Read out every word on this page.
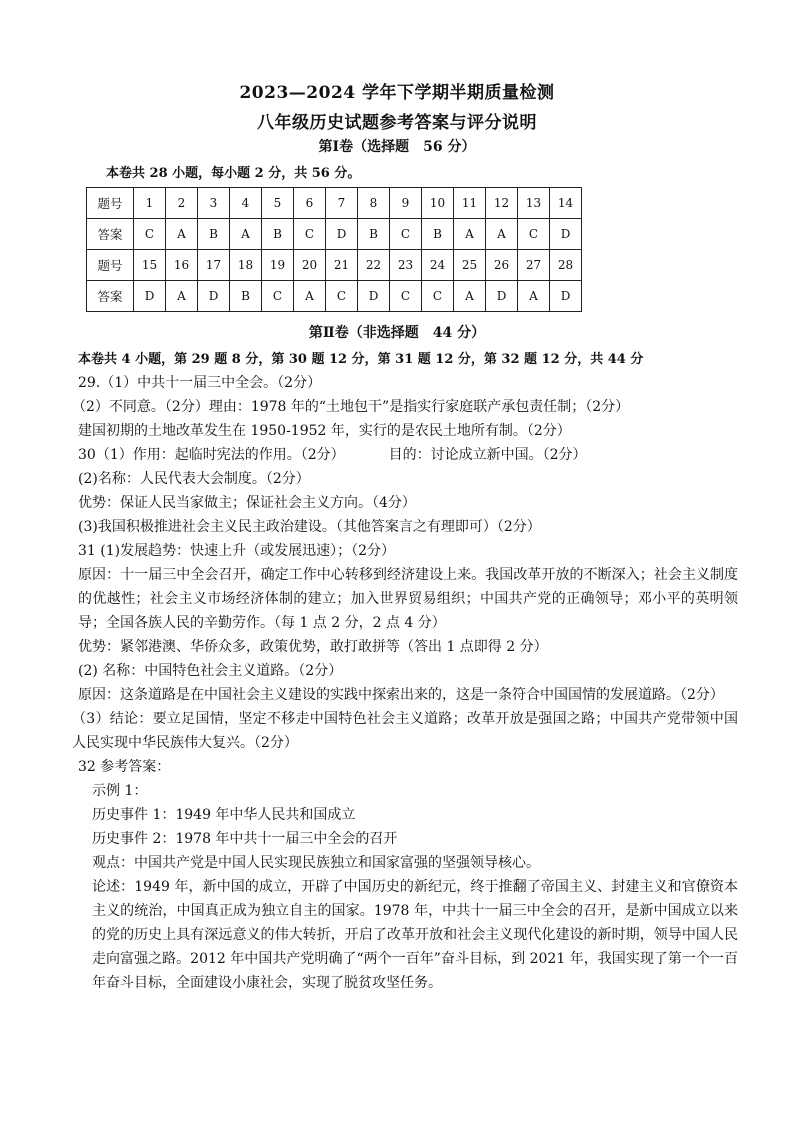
2023—2024 学年下学期半期质量检测
八年级历史试题参考答案与评分说明
第Ⅰ卷（选择题　56 分）
本卷共 28 小题，每小题 2 分，共 56 分。
题号	1	2	3	4	5	6	7	8	9	10	11	12	13	14
答案	C	A	B	A	B	C	D	B	C	B	A	A	C	D
题号	15	16	17	18	19	20	21	22	23	24	25	26	27	28
答案	D	A	D	B	C	A	C	D	C	C	A	D	A	D
第Ⅱ卷（非选择题　44 分）
本卷共 4 小题，第 29 题 8 分，第 30 题 12 分，第 31 题 12 分，第 32 题 12 分，共 44 分
29.（1）中共十一届三中全会。（2分）
（2）不同意。（2分）理由：1978 年的“土地包干”是指实行家庭联产承包责任制；（2分）
建国初期的土地改革发生在 1950-1952 年，实行的是农民土地所有制。（2分）
30（1）作用：起临时宪法的作用。（2分）	目的：讨论成立新中国。（2分）
(2)名称：人民代表大会制度。（2分）
优势：保证人民当家做主；保证社会主义方向。（4分）
(3)我国积极推进社会主义民主政治建设。（其他答案言之有理即可）（2分）
31 (1)发展趋势：快速上升（或发展迅速）；（2分）
原因：十一届三中全会召开，确定工作中心转移到经济建设上来。我国改革开放的不断深入；社会主义制度的优越性；社会主义市场经济体制的建立；加入世界贸易组织；中国共产党的正确领导；邓小平的英明领导；全国各族人民的辛勤劳作。（每 1 点 2 分，2 点 4 分）
优势：紧邻港澳、华侨众多，政策优势，敢打敢拼等（答出 1 点即得 2 分）
(2) 名称：中国特色社会主义道路。（2分）
原因：这条道路是在中国社会主义建设的实践中探索出来的，这是一条符合中国国情的发展道路。（2分）
（3）结论：要立足国情，坚定不移走中国特色社会主义道路；改革开放是强国之路；中国共产党带领中国人民实现中华民族伟大复兴。（2分）
32 参考答案：
示例 1：
历史事件 1：1949 年中华人民共和国成立
历史事件 2：1978 年中共十一届三中全会的召开
观点：中国共产党是中国人民实现民族独立和国家富强的坚强领导核心。
论述：1949 年，新中国的成立，开辟了中国历史的新纪元，终于推翻了帝国主义、封建主义和官僚资本主义的统治，中国真正成为独立自主的国家。1978 年，中共十一届三中全会的召开，是新中国成立以来的党的历史上具有深远意义的伟大转折，开启了改革开放和社会主义现代化建设的新时期，领导中国人民走向富强之路。2012 年中国共产党明确了“两个一百年”奋斗目标，到 2021 年，我国实现了第一个一百年奋斗目标，全面建设小康社会，实现了脱贫攻坚任务。
